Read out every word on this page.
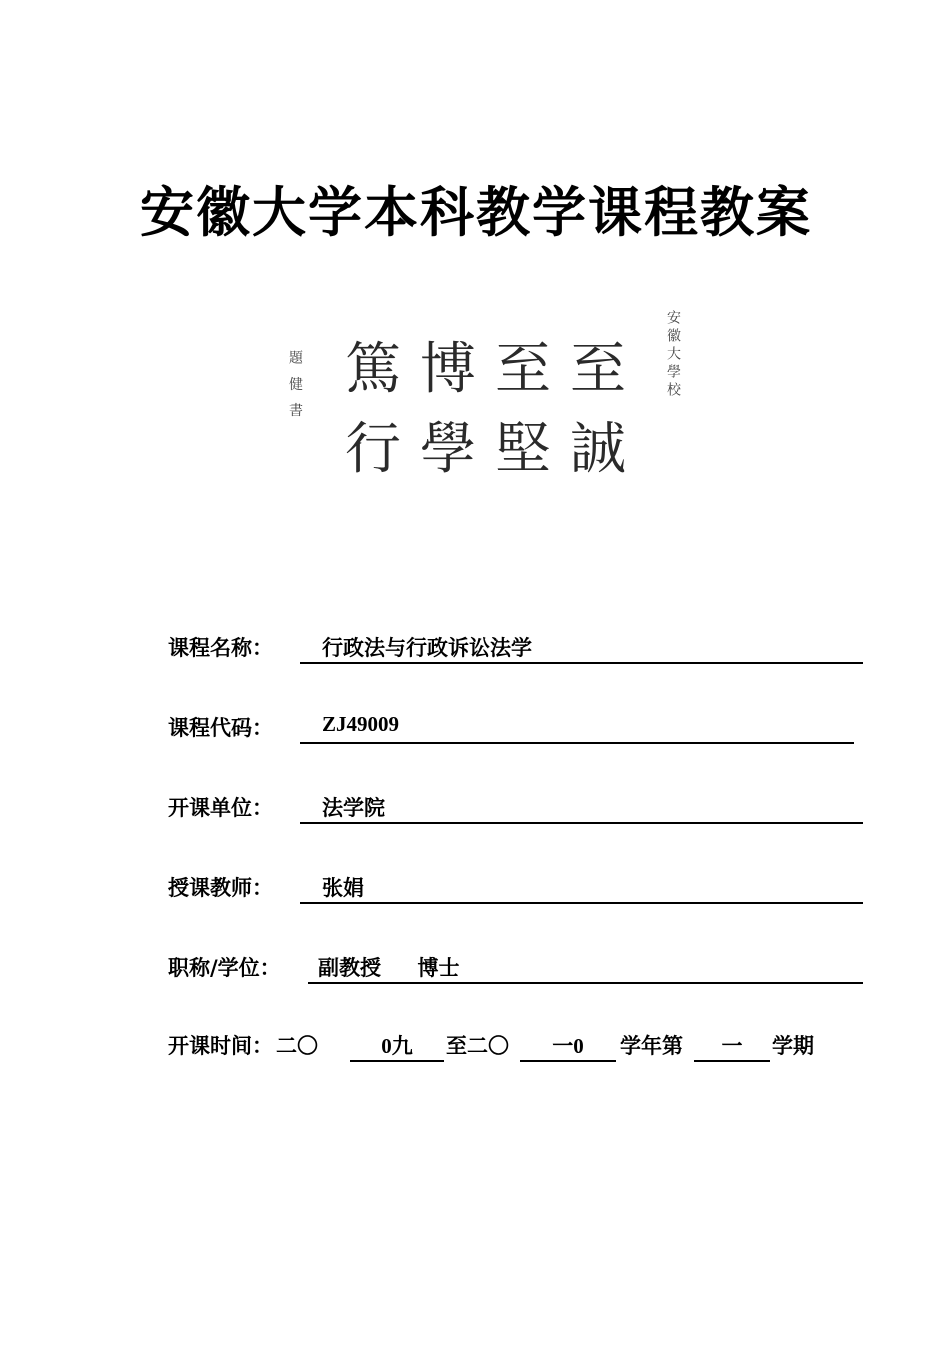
安徽大学本科教学课程教案
題 健 書 篤 博 至 至
行 學 堅 誠
安徽大學校
课程名称： 行政法与行政诉讼法学
课程代码： ZJ49009
开课单位： 法学院
授课教师： 张娟
职称/学位： 副教授     博士
开课时间： 二〇	0九	至二〇	一0	学年第	一	学期
